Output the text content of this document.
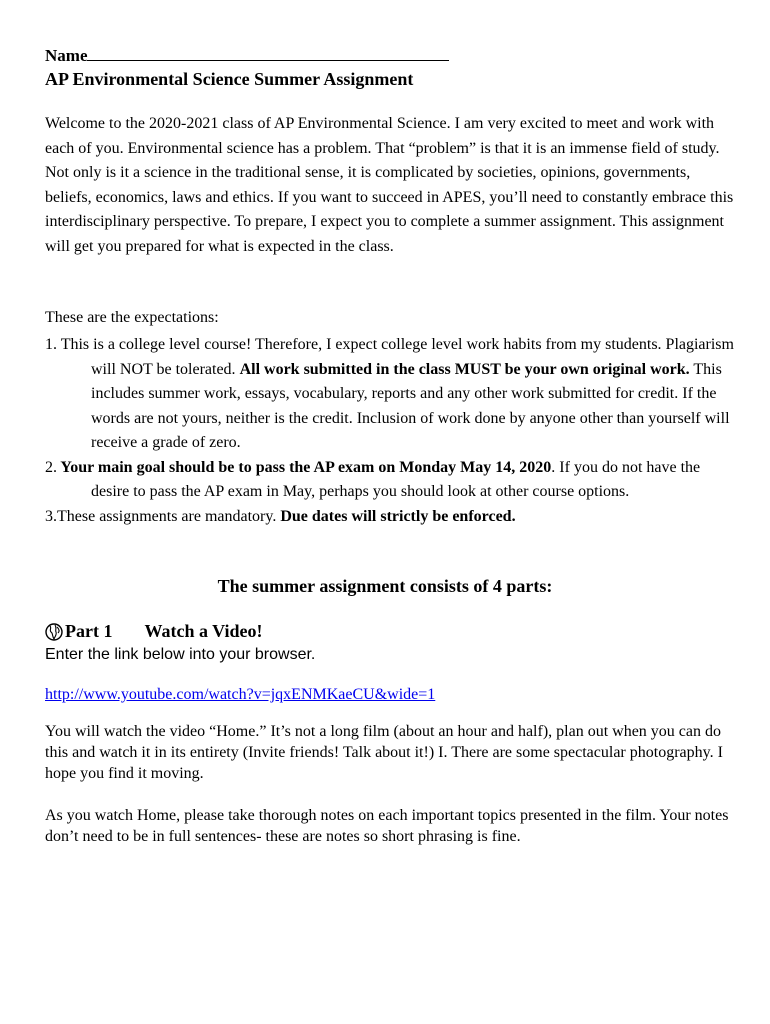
Name
AP Environmental Science Summer Assignment

Welcome to the 2020-2021 class of AP Environmental Science. I am very excited to meet and work with each of you. Environmental science has a problem. That “problem” is that it is an immense field of study. Not only is it a science in the traditional sense, it is complicated by societies, opinions, governments, beliefs, economics, laws and ethics. If you want to succeed in APES, you’ll need to constantly embrace this interdisciplinary perspective. To prepare, I expect you to complete a summer assignment. This assignment will get you prepared for what is expected in the class.

These are the expectations:

1. This is a college level course! Therefore, I expect college level work habits from my students. Plagiarism will NOT be tolerated. All work submitted in the class MUST be your own original work. This includes summer work, essays, vocabulary, reports and any other work submitted for credit. If the words are not yours, neither is the credit. Inclusion of work done by anyone other than yourself will receive a grade of zero.
2. Your main goal should be to pass the AP exam on Monday May 14, 2020. If you do not have the desire to pass the AP exam in May, perhaps you should look at other course options.
3.These assignments are mandatory. Due dates will strictly be enforced.
The summer assignment consists of 4 parts:
Part 1 Watch a Video!

Enter the link below into your browser.

http://www.youtube.com/watch?v=jqxENMKaeCU&wide=1

You will watch the video “Home.” It’s not a long film (about an hour and half), plan out when you can do this and watch it in its entirety (Invite friends! Talk about it!) I. There are some spectacular photography. I hope you find it moving.

As you watch Home, please take thorough notes on each important topics presented in the film. Your notes don’t need to be in full sentences- these are notes so short phrasing is fine.
